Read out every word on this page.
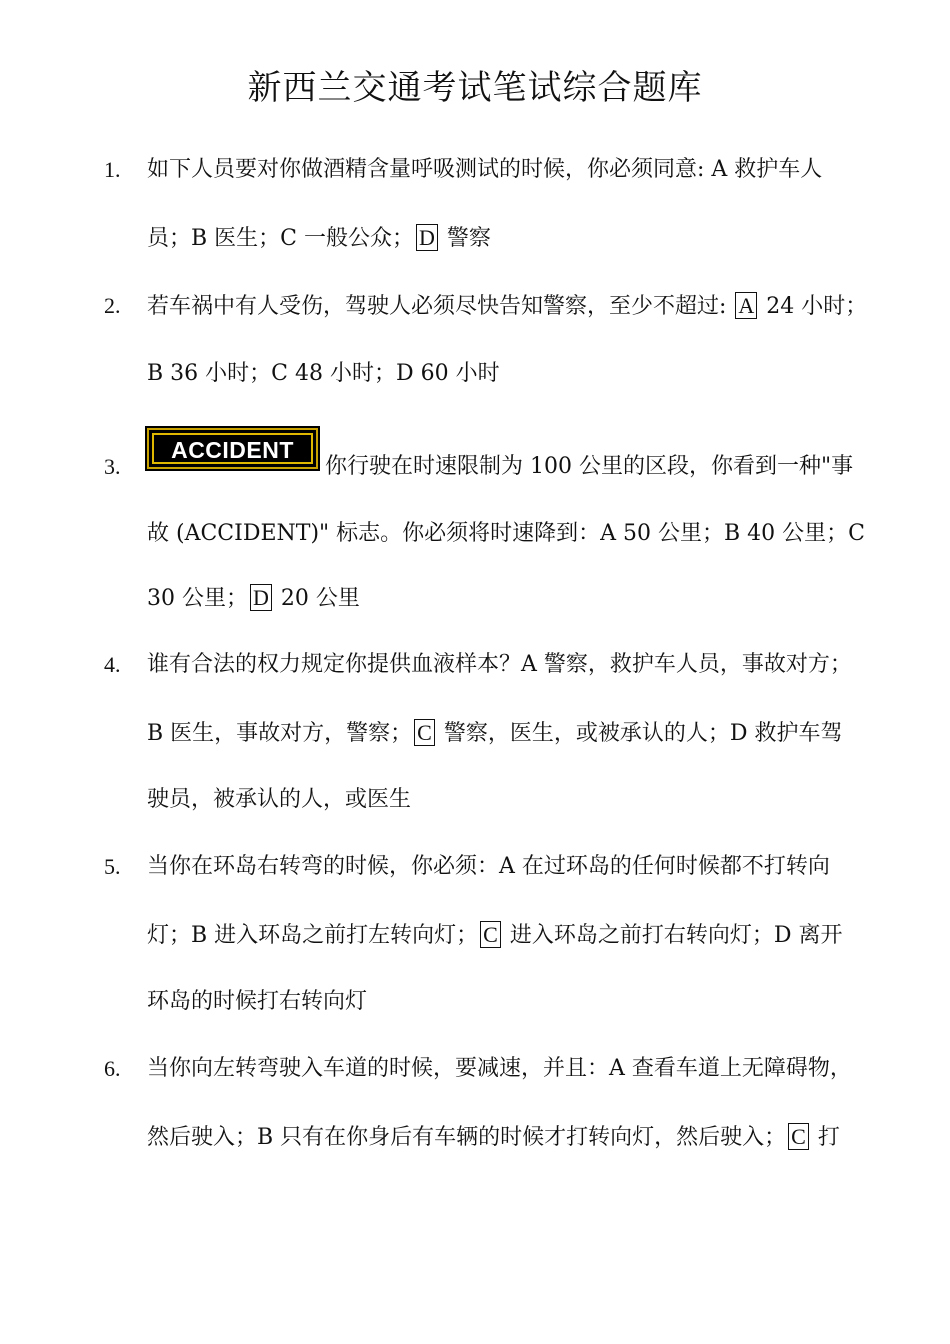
新西兰交通考试笔试综合题库
1.	如下人员要对你做酒精含量呼吸测试的时候，你必须同意: A 救护车人
员；B 医生；C 一般公众； D 警察
2.	若车祸中有人受伤，驾驶人必须尽快告知警察，至少不超过: A 24 小时；
B 36 小时；C 48 小时；D 60 小时
3.
ACCIDENT
你行驶在时速限制为 100 公里的区段，你看到一种"事
故 (ACCIDENT)" 标志。你必须将时速降到：A 50 公里；B 40 公里；C
30 公里； D 20 公里
4.	谁有合法的权力规定你提供血液样本？A 警察，救护车人员，事故对方；
B 医生，事故对方，警察； C 警察，医生，或被承认的人；D 救护车驾
驶员，被承认的人，或医生
5.	当你在环岛右转弯的时候，你必须：A 在过环岛的任何时候都不打转向
灯；B 进入环岛之前打左转向灯； C 进入环岛之前打右转向灯；D 离开
环岛的时候打右转向灯
6.	当你向左转弯驶入车道的时候，要减速，并且：A 查看车道上无障碍物，
然后驶入；B 只有在你身后有车辆的时候才打转向灯，然后驶入； C 打
